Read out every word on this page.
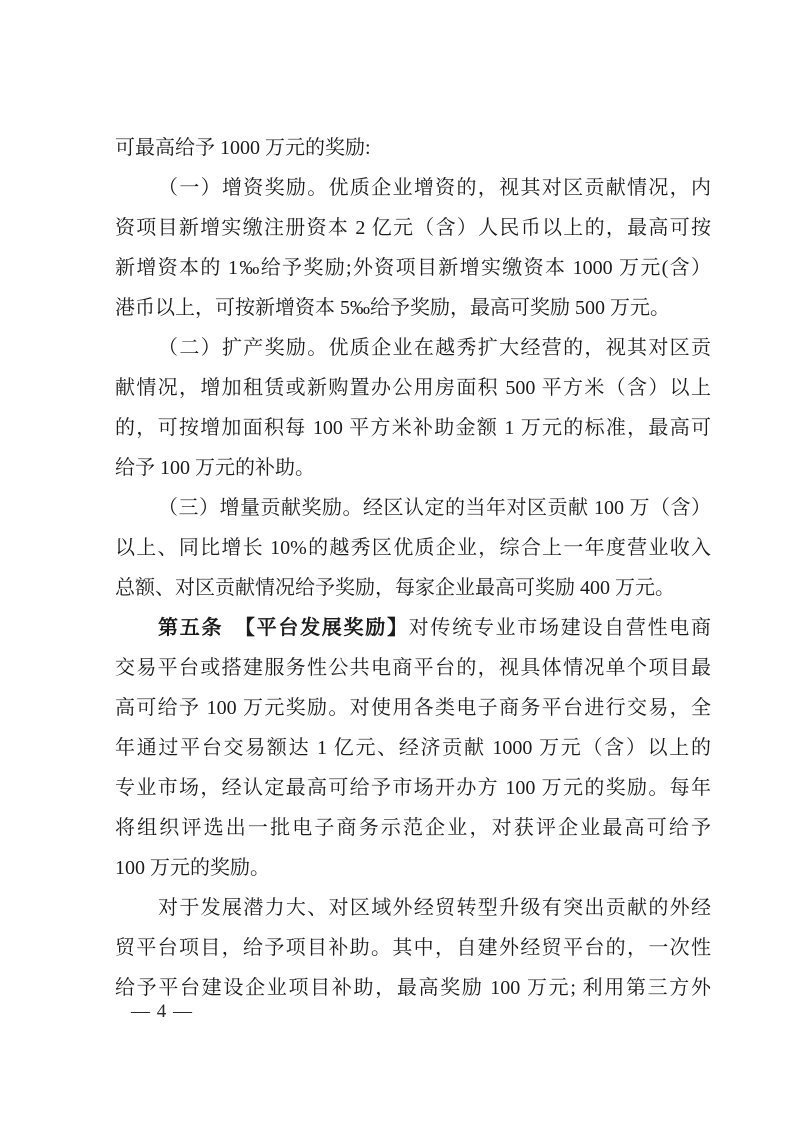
可最高给予 1000 万元的奖励:
（一）增资奖励。优质企业增资的，视其对区贡献情况，内
资项目新增实缴注册资本 2 亿元（含）人民币以上的，最高可按
新增资本的 1‰给予奖励;外资项目新增实缴资本 1000 万元(含）
港币以上，可按新增资本 5‰给予奖励，最高可奖励 500 万元。
（二）扩产奖励。优质企业在越秀扩大经营的，视其对区贡
献情况，增加租赁或新购置办公用房面积 500 平方米（含）以上
的，可按增加面积每 100 平方米补助金额 1 万元的标准，最高可
给予 100 万元的补助。
（三）增量贡献奖励。经区认定的当年对区贡献 100 万（含）
以上、同比增长 10%的越秀区优质企业，综合上一年度营业收入
总额、对区贡献情况给予奖励，每家企业最高可奖励 400 万元。
第五条　 【平台发展奖励】对传统专业市场建设自营性电商
交易平台或搭建服务性公共电商平台的，视具体情况单个项目最
高可给予 100 万元奖励。对使用各类电子商务平台进行交易，全
年通过平台交易额达 1 亿元、经济贡献 1000 万元（含）以上的
专业市场，经认定最高可给予市场开办方 100 万元的奖励。每年
将组织评选出一批电子商务示范企业，对获评企业最高可给予
100 万元的奖励。
对于发展潜力大、对区域外经贸转型升级有突出贡献的外经
贸平台项目，给予项目补助。其中，自建外经贸平台的，一次性
给予平台建设企业项目补助，最高奖励 100 万元; 利用第三方外
— 4 —
